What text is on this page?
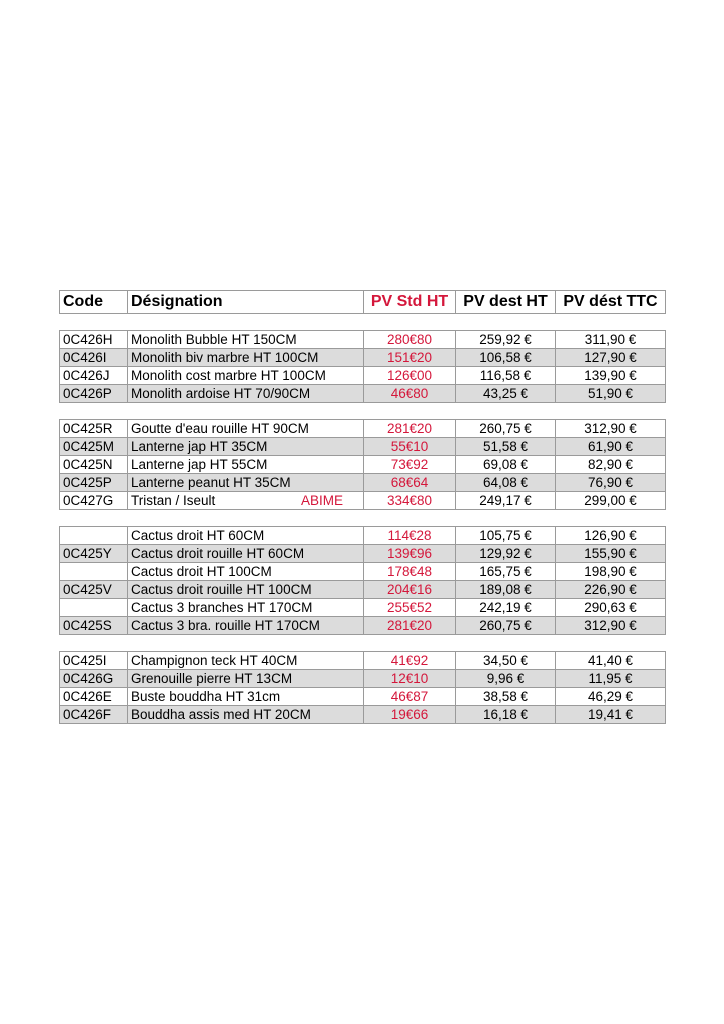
Code	Désignation	PV Std HT	PV dest HT	PV dést TTC

0C426H	Monolith Bubble HT 150CM	280€80	259,92 €	311,90 €
0C426I	Monolith biv marbre HT 100CM	151€20	106,58 €	127,90 €
0C426J	Monolith cost marbre HT 100CM	126€00	116,58 €	139,90 €
0C426P	Monolith ardoise HT 70/90CM	46€80	43,25 €	51,90 €

0C425R	Goutte d'eau rouille HT 90CM	281€20	260,75 €	312,90 €
0C425M	Lanterne jap HT 35CM	55€10	51,58 €	61,90 €
0C425N	Lanterne jap HT 55CM	73€92	69,08 €	82,90 €
0C425P	Lanterne peanut HT 35CM	68€64	64,08 €	76,90 €
0C427G	Tristan / Iseult ABIME	334€80	249,17 €	299,00 €

	Cactus droit HT 60CM	114€28	105,75 €	126,90 €
0C425Y	Cactus droit rouille HT 60CM	139€96	129,92 €	155,90 €
	Cactus droit HT 100CM	178€48	165,75 €	198,90 €
0C425V	Cactus droit rouille HT 100CM	204€16	189,08 €	226,90 €
	Cactus 3 branches HT 170CM	255€52	242,19 €	290,63 €
0C425S	Cactus 3 bra. rouille HT 170CM	281€20	260,75 €	312,90 €

0C425I	Champignon teck HT 40CM	41€92	34,50 €	41,40 €
0C426G	Grenouille pierre HT 13CM	12€10	9,96 €	11,95 €
0C426E	Buste bouddha HT 31cm	46€87	38,58 €	46,29 €
0C426F	Bouddha assis med HT 20CM	19€66	16,18 €	19,41 €
